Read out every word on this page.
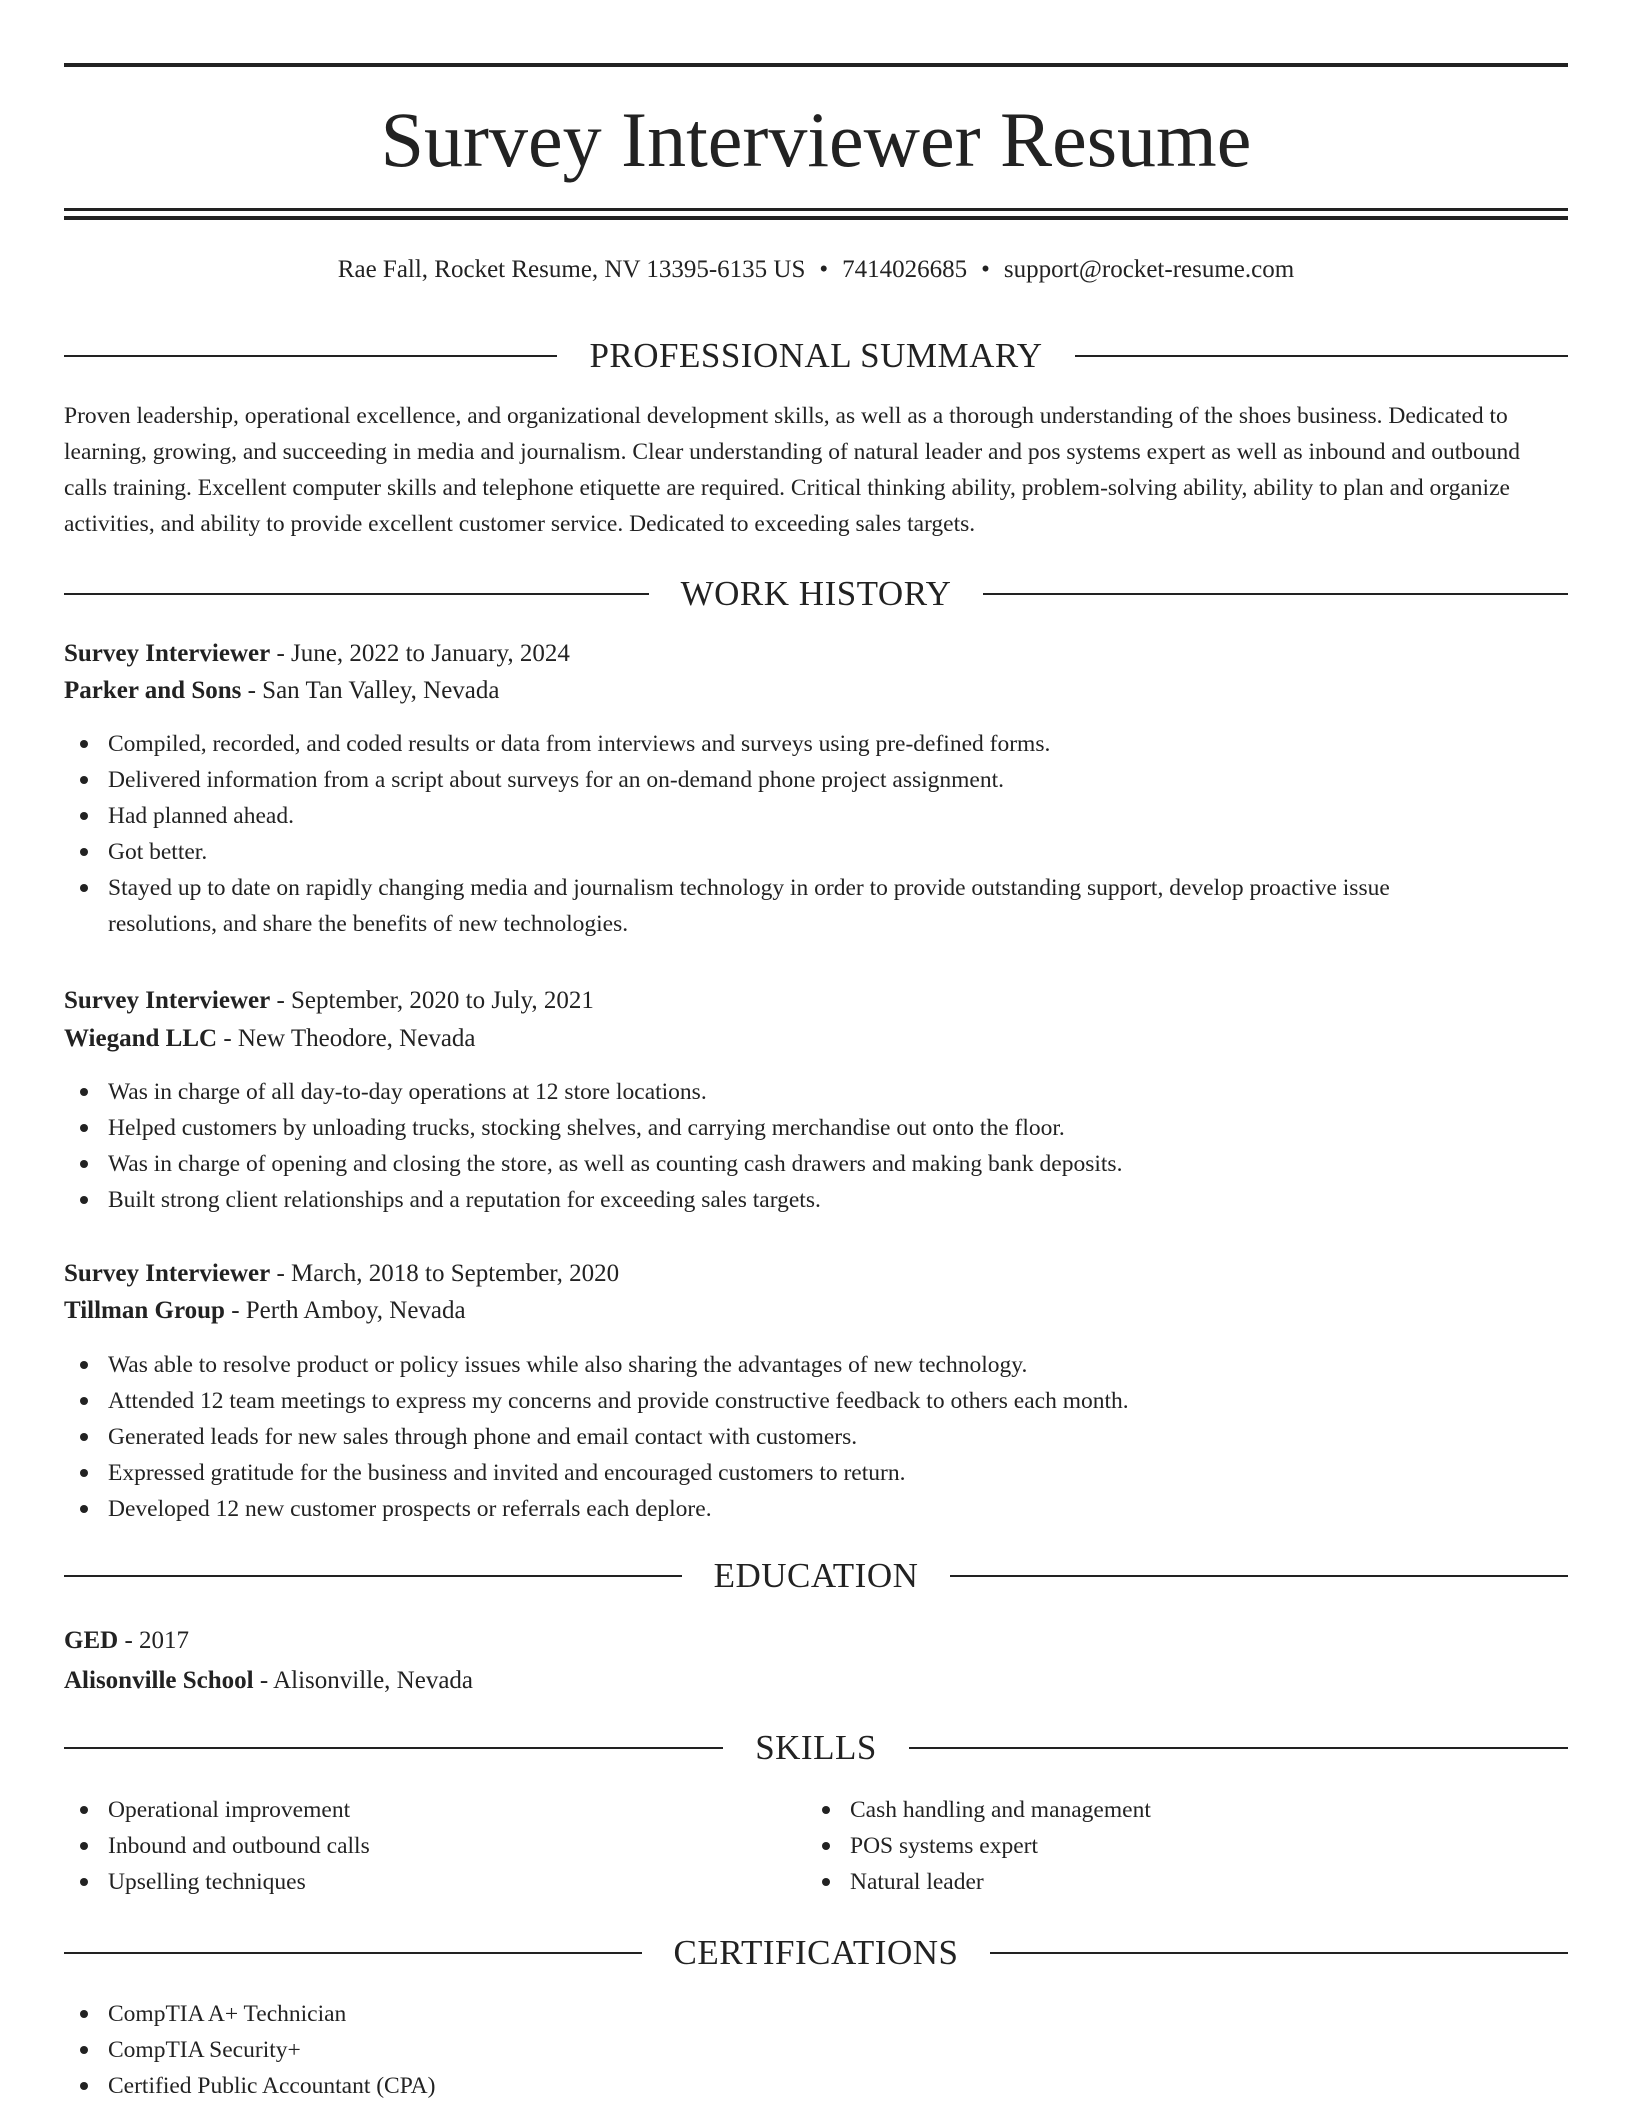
Survey Interviewer Resume
Rae Fall, Rocket Resume, NV 13395-6135 US • 7414026685 • support@rocket-resume.com
PROFESSIONAL SUMMARY

Proven leadership, operational excellence, and organizational development skills, as well as a thorough understanding of the shoes business. Dedicated to learning, growing, and succeeding in media and journalism. Clear understanding of natural leader and pos systems expert as well as inbound and outbound calls training. Excellent computer skills and telephone etiquette are required. Critical thinking ability, problem-solving ability, ability to plan and organize activities, and ability to provide excellent customer service. Dedicated to exceeding sales targets.

WORK HISTORY
Survey Interviewer - June, 2022 to January, 2024
Parker and Sons - San Tan Valley, Nevada
Compiled, recorded, and coded results or data from interviews and surveys using pre-defined forms.
Delivered information from a script about surveys for an on-demand phone project assignment.
Had planned ahead.
Got better.
Stayed up to date on rapidly changing media and journalism technology in order to provide outstanding support, develop proactive issue resolutions, and share the benefits of new technologies.
Survey Interviewer - September, 2020 to July, 2021
Wiegand LLC - New Theodore, Nevada
Was in charge of all day-to-day operations at 12 store locations.
Helped customers by unloading trucks, stocking shelves, and carrying merchandise out onto the floor.
Was in charge of opening and closing the store, as well as counting cash drawers and making bank deposits.
Built strong client relationships and a reputation for exceeding sales targets.
Survey Interviewer - March, 2018 to September, 2020
Tillman Group - Perth Amboy, Nevada
Was able to resolve product or policy issues while also sharing the advantages of new technology.
Attended 12 team meetings to express my concerns and provide constructive feedback to others each month.
Generated leads for new sales through phone and email contact with customers.
Expressed gratitude for the business and invited and encouraged customers to return.
Developed 12 new customer prospects or referrals each deplore.
EDUCATION
GED - 2017
Alisonville School - Alisonville, Nevada
SKILLS
Operational improvement
Inbound and outbound calls
Upselling techniques
Cash handling and management
POS systems expert
Natural leader
CERTIFICATIONS
CompTIA A+ Technician
CompTIA Security+
Certified Public Accountant (CPA)
